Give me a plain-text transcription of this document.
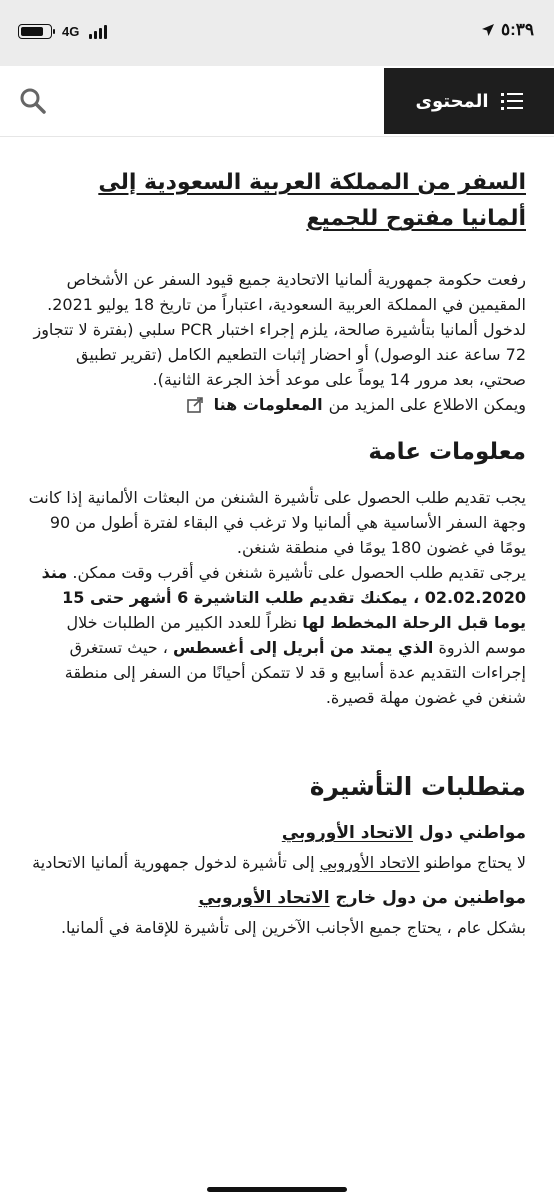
٥:٣٩
4G
المحتوى
السفر من المملكة العربية السعودية إلى ألمانيا مفتوح للجميع

رفعت حكومة جمهورية ألمانيا الاتحادية جميع قيود السفر عن الأشخاص المقيمين في المملكة العربية السعودية، اعتباراً من تاريخ 18 يوليو 2021.

لدخول ألمانيا بتأشيرة صالحة، يلزم إجراء اختبار PCR سلبي (بفترة لا تتجاوز 72 ساعة عند الوصول) أو احضار إثبات التطعيم الكامل (تقرير تطبيق صحتي، بعد مرور 14 يوماً على موعد أخذ الجرعة الثانية).

ويمكن الاطلاع على المزيد من
المعلومات هنا

معلومات عامة

يجب تقديم طلب الحصول على تأشيرة الشنغن من البعثات الألمانية إذا كانت وجهة السفر الأساسية هي ألمانيا ولا ترغب في البقاء لفترة أطول من 90 يومًا في غضون 180 يومًا في منطقة شنغن.

يرجى تقديم طلب الحصول على تأشيرة شنغن في أقرب وقت ممكن. منذ 02.02.2020 ، يمكنك تقديم طلب التاشيرة 6 أشهر حتى 15 يوما قبل الرحلة المخطط لها نظراً للعدد الكبير من الطلبات خلال موسم الذروة الذي يمتد من أبريل إلى أغسطس ، حيث تستغرق إجراءات التقديم عدة أسابيع و قد لا تتمكن أحيانًا من السفر إلى منطقة شنغن في غضون مهلة قصيرة.

متطلبات التأشيرة
مواطني دول الاتحاد الأوروبي

لا يحتاج مواطنو الاتحاد الأوروبي إلى تأشيرة لدخول جمهورية ألمانيا الاتحادية

مواطنين من دول خارج الاتحاد الأوروبي

بشكل عام ، يحتاج جميع الأجانب الآخرين إلى تأشيرة للإقامة في ألمانيا.
